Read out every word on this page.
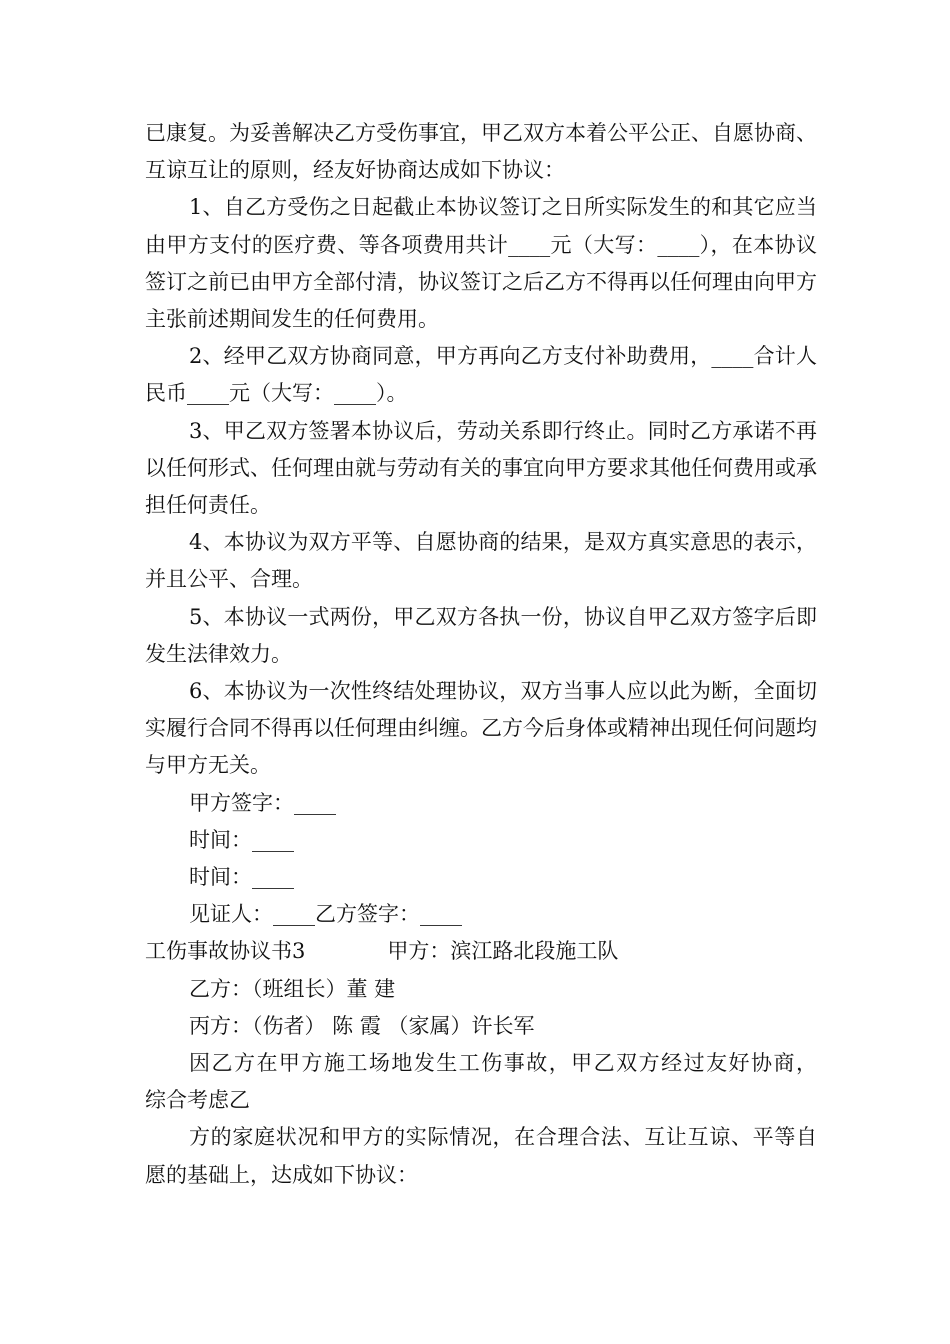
已康复。为妥善解决乙方受伤事宜，甲乙双方本着公平公正、自愿协商、互谅互让的原则，经友好协商达成如下协议：

1、自乙方受伤之日起截止本协议签订之日所实际发生的和其它应当由甲方支付的医疗费、等各项费用共计____元（大写：____），在本协议签订之前已由甲方全部付清，协议签订之后乙方不得再以任何理由向甲方主张前述期间发生的任何费用。

2、经甲乙双方协商同意，甲方再向乙方支付补助费用，____合计人民币____元（大写：____）。

3、甲乙双方签署本协议后，劳动关系即行终止。同时乙方承诺不再以任何形式、任何理由就与劳动有关的事宜向甲方要求其他任何费用或承担任何责任。

4、本协议为双方平等、自愿协商的结果，是双方真实意思的表示，并且公平、合理。

5、本协议一式两份，甲乙双方各执一份，协议自甲乙双方签字后即发生法律效力。

6、本协议为一次性终结处理协议，双方当事人应以此为断，全面切实履行合同不得再以任何理由纠缠。乙方今后身体或精神出现任何问题均与甲方无关。

甲方签字：____

时间：____

时间：____

见证人：____乙方签字：____

工伤事故协议书3	甲方：滨江路北段施工队

乙方：（班组长）董 建

丙方：（伤者） 陈 霞 （家属）许长军

因乙方在甲方施工场地发生工伤事故，甲乙双方经过友好协商，

综合考虑乙

方的家庭状况和甲方的实际情况，在合理合法、互让互谅、平等自愿的基础上，达成如下协议：
